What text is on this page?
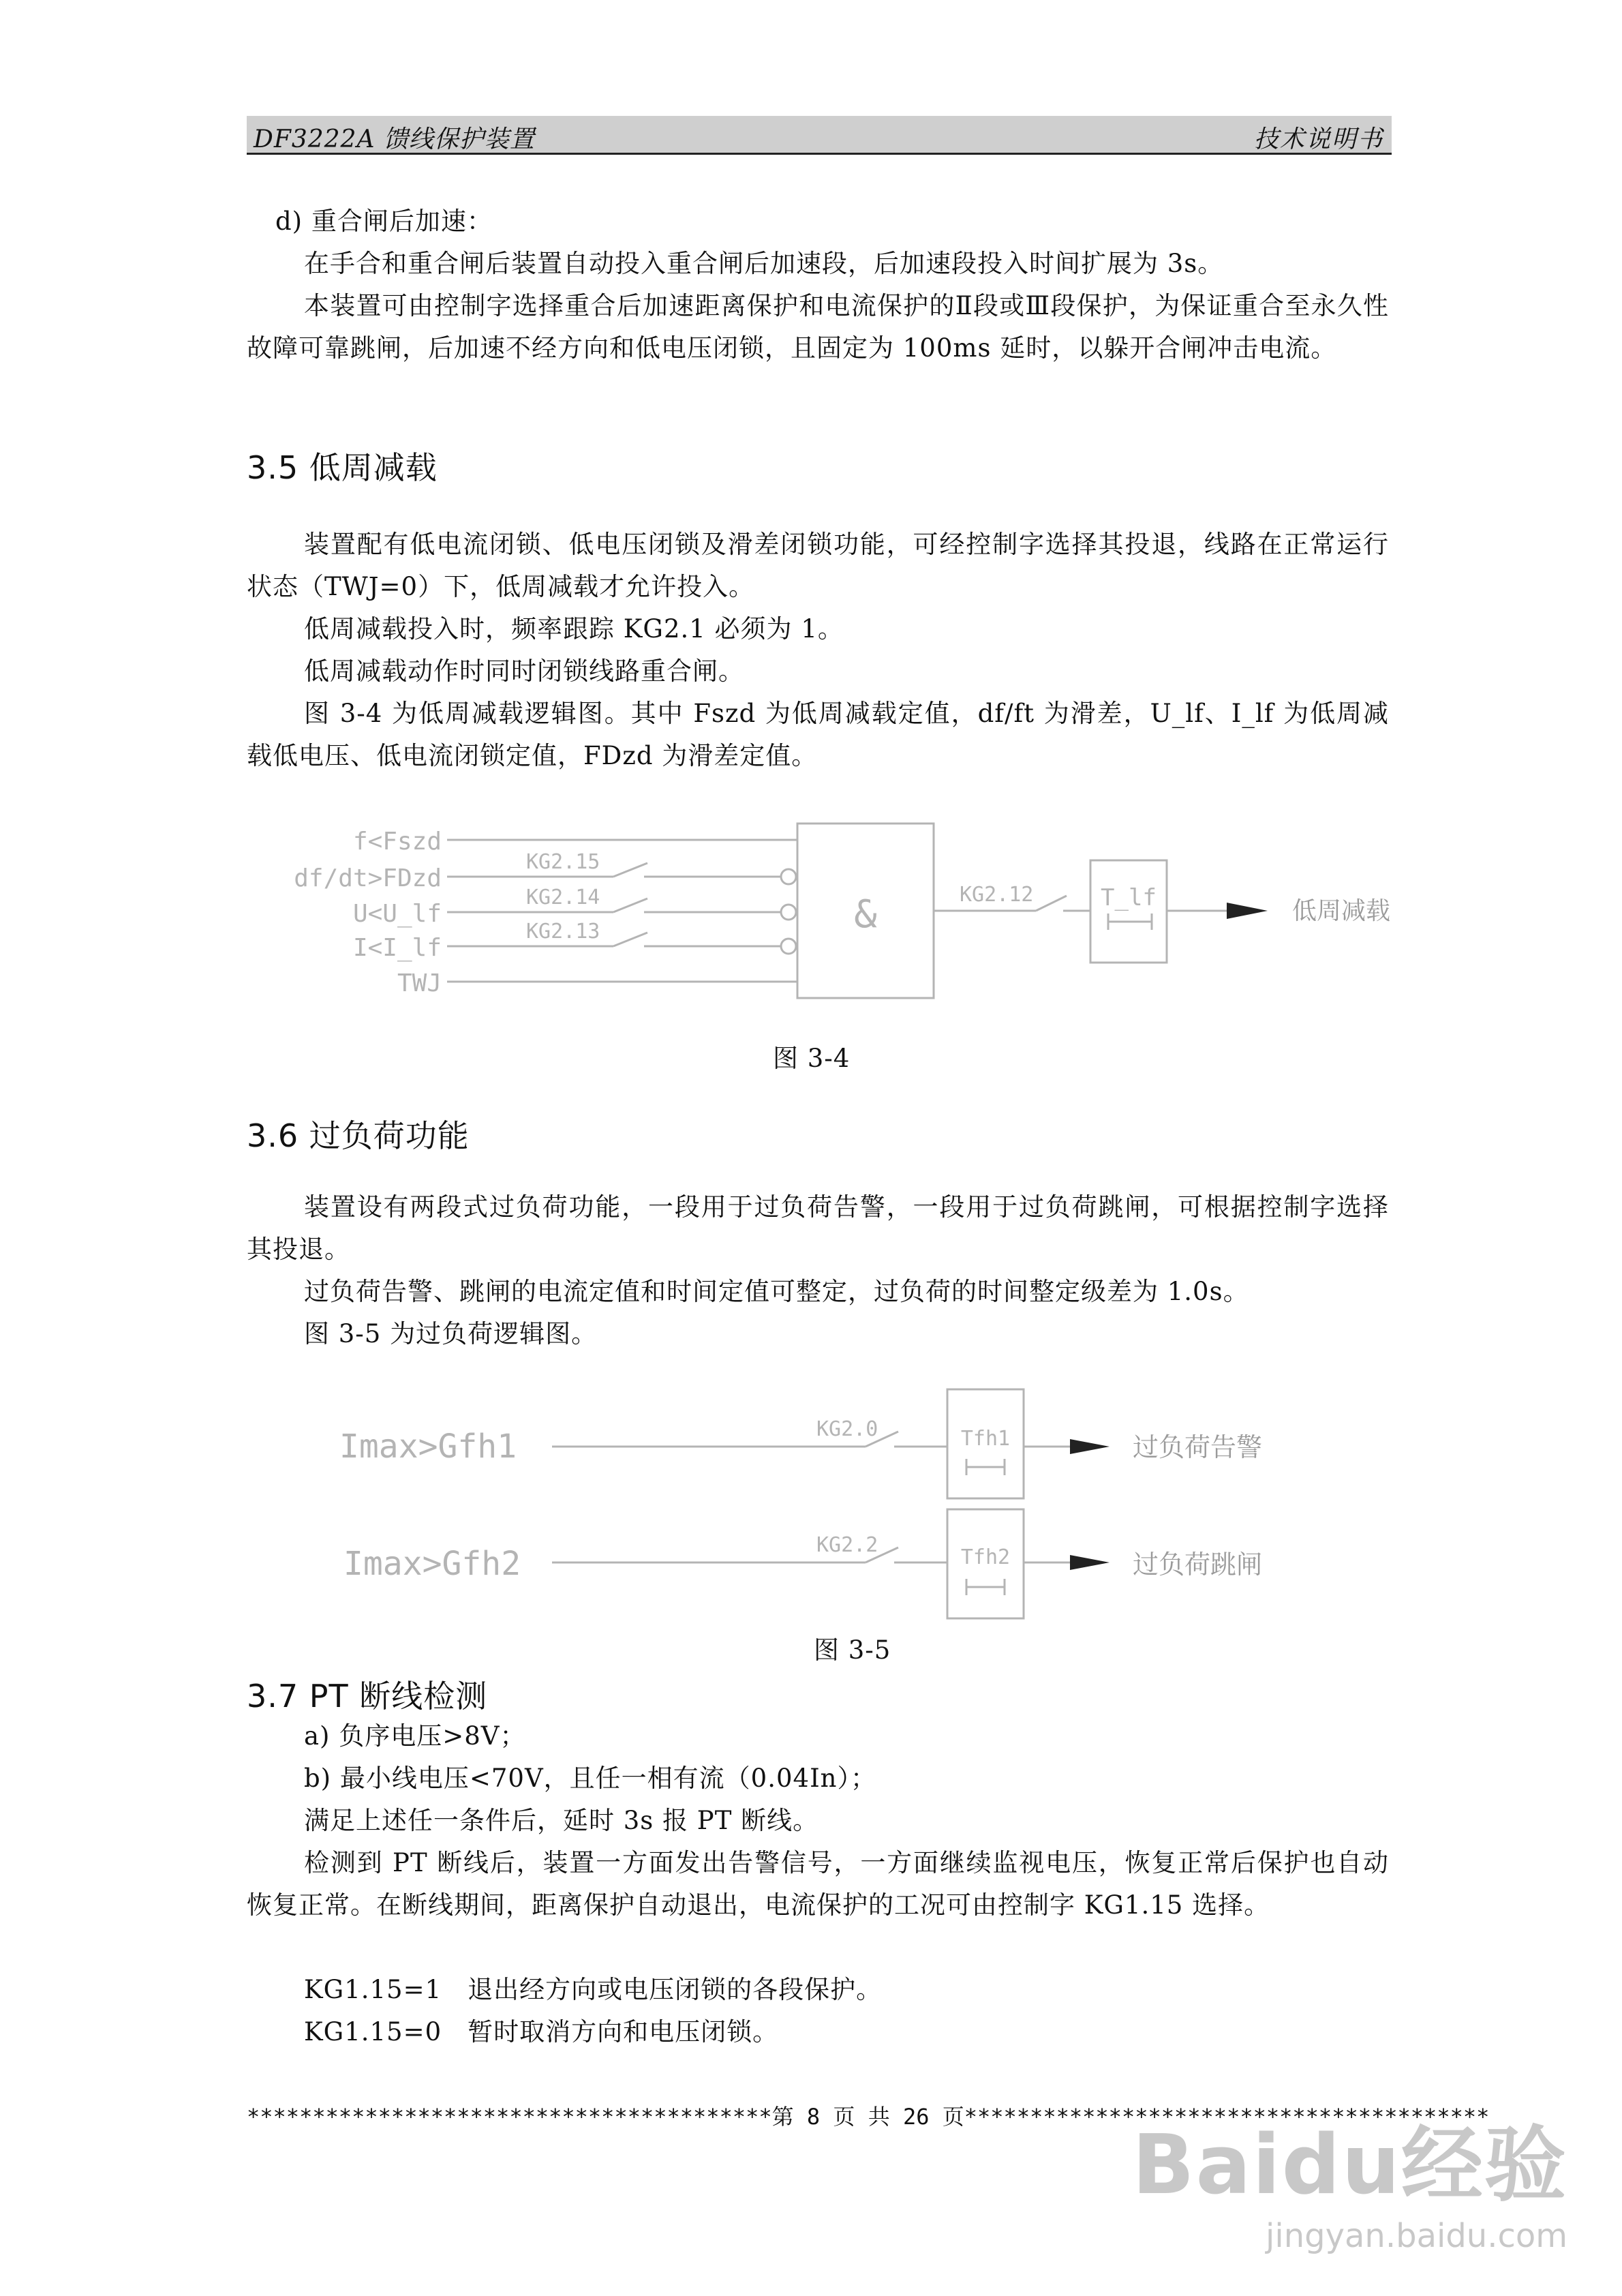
DF3222A 馈线保护装置	技术说明书

d) 重合闸后加速：

在手合和重合闸后装置自动投入重合闸后加速段，后加速段投入时间扩展为 3s。

本装置可由控制字选择重合后加速距离保护和电流保护的Ⅱ段或Ⅲ段保护，为保证重合至永久性故障可靠跳闸，后加速不经方向和低电压闭锁，且固定为 100ms 延时，以躲开合闸冲击电流。

3.5 低周减载

装置配有低电流闭锁、低电压闭锁及滑差闭锁功能，可经控制字选择其投退，线路在正常运行状态（TWJ=0）下，低周减载才允许投入。

低周减载投入时，频率跟踪 KG2.1 必须为 1。

低周减载动作时同时闭锁线路重合闸。

图 3-4 为低周减载逻辑图。其中 Fszd 为低周减载定值，df/ft 为滑差，U_lf、I_lf 为低周减载低电压、低电流闭锁定值，FDzd 为滑差定值。

f<Fszd
df/dt>FDzd
U<U_lf
I<I_lf
TWJ
KG2.15
KG2.14
KG2.13	&	KG2.12	T_lf	低周减载
图 3-4
3.6 过负荷功能

装置设有两段式过负荷功能，一段用于过负荷告警，一段用于过负荷跳闸，可根据控制字选择其投退。

过负荷告警、跳闸的电流定值和时间定值可整定，过负荷的时间整定级差为 1.0s。

图 3-5 为过负荷逻辑图。

Imax>Gfh1	KG2.0	Tfh1	过负荷告警
Imax>Gfh2	KG2.2
Tfh2	过负荷跳闸
图 3-5
3.7 PT 断线检测

a) 负序电压>8V；

b) 最小线电压<70V，且任一相有流（0.04In）；

满足上述任一条件后，延时 3s 报 PT 断线。

检测到 PT 断线后，装置一方面发出告警信号，一方面继续监视电压，恢复正常后保护也自动恢复正常。在断线期间，距离保护自动退出，电流保护的工况可由控制字 KG1.15 选择。

KG1.15=1　退出经方向或电压闭锁的各段保护。

KG1.15=0　暂时取消方向和电压闭锁。

****************************************第 8 页 共 26 页****************************************
Baidu经验
jingyan.baidu.com
